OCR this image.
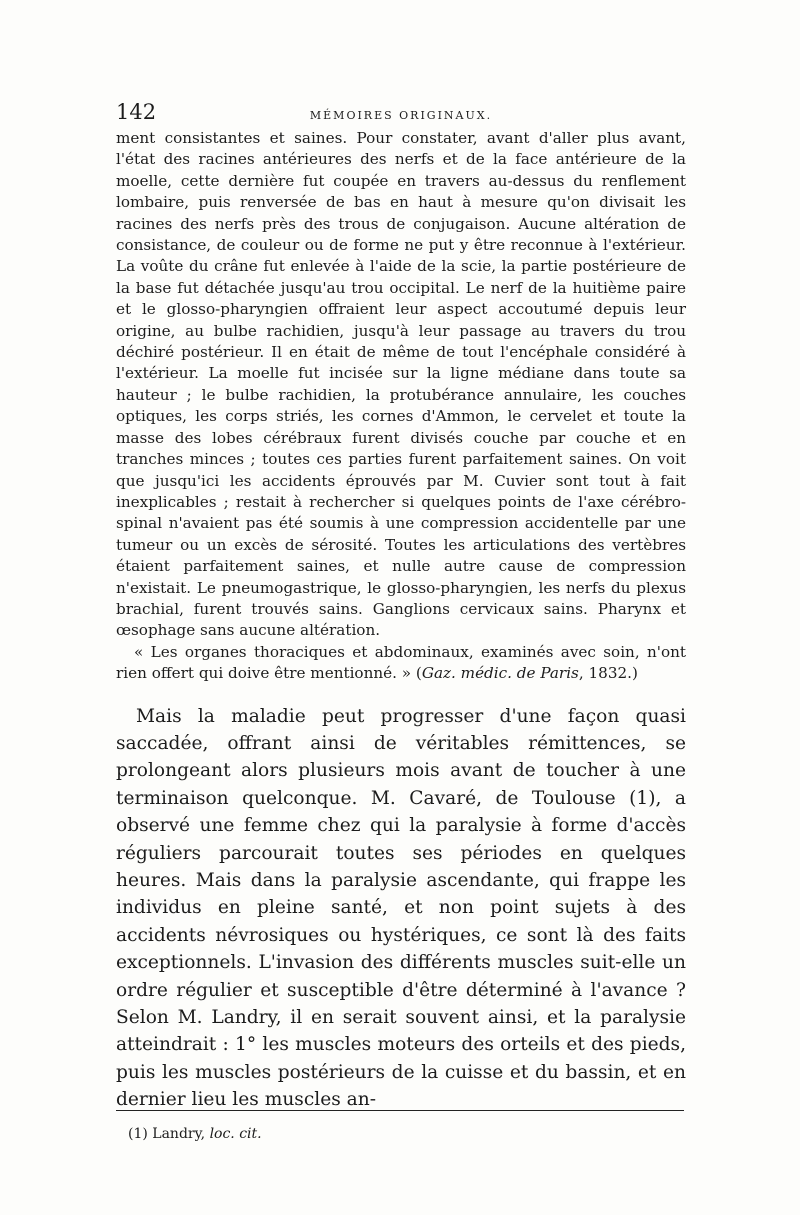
142	MÉMOIRES ORIGINAUX.

ment consistantes et saines. Pour constater, avant d'aller plus avant, l'état des racines antérieures des nerfs et de la face antérieure de la moelle, cette dernière fut coupée en travers au-dessus du renflement lombaire, puis renversée de bas en haut à mesure qu'on divisait les racines des nerfs près des trous de conjugaison. Aucune altération de consistance, de couleur ou de forme ne put y être reconnue à l'extérieur. La voûte du crâne fut enlevée à l'aide de la scie, la partie postérieure de la base fut détachée jusqu'au trou occipital. Le nerf de la huitième paire et le glosso-pharyngien offraient leur aspect accoutumé depuis leur origine, au bulbe rachidien, jusqu'à leur passage au travers du trou déchiré postérieur. Il en était de même de tout l'encéphale considéré à l'extérieur. La moelle fut incisée sur la ligne médiane dans toute sa hauteur ; le bulbe rachidien, la protubérance annulaire, les couches optiques, les corps striés, les cornes d'Ammon, le cervelet et toute la masse des lobes cérébraux furent divisés couche par couche et en tranches minces ; toutes ces parties furent parfaitement saines. On voit que jusqu'ici les accidents éprouvés par M. Cuvier sont tout à fait inexplicables ; restait à rechercher si quelques points de l'axe cérébro-spinal n'avaient pas été soumis à une compression accidentelle par une tumeur ou un excès de sérosité. Toutes les articulations des vertèbres étaient parfaitement saines, et nulle autre cause de compression n'existait. Le pneumogastrique, le glosso-pharyngien, les nerfs du plexus brachial, furent trouvés sains. Ganglions cervicaux sains. Pharynx et œsophage sans aucune altération.

« Les organes thoraciques et abdominaux, examinés avec soin, n'ont rien offert qui doive être mentionné. » (Gaz. médic. de Paris, 1832.)

Mais la maladie peut progresser d'une façon quasi saccadée, offrant ainsi de véritables rémittences, se prolongeant alors plusieurs mois avant de toucher à une terminaison quelconque. M. Cavaré, de Toulouse (1), a observé une femme chez qui la paralysie à forme d'accès réguliers parcourait toutes ses périodes en quelques heures. Mais dans la paralysie ascendante, qui frappe les individus en pleine santé, et non point sujets à des accidents névrosiques ou hystériques, ce sont là des faits exceptionnels. L'invasion des différents muscles suit-elle un ordre régulier et susceptible d'être déterminé à l'avance ? Selon M. Landry, il en serait souvent ainsi, et la paralysie atteindrait : 1° les muscles moteurs des orteils et des pieds, puis les muscles postérieurs de la cuisse et du bassin, et en dernier lieu les muscles an-

(1) Landry, loc. cit.
